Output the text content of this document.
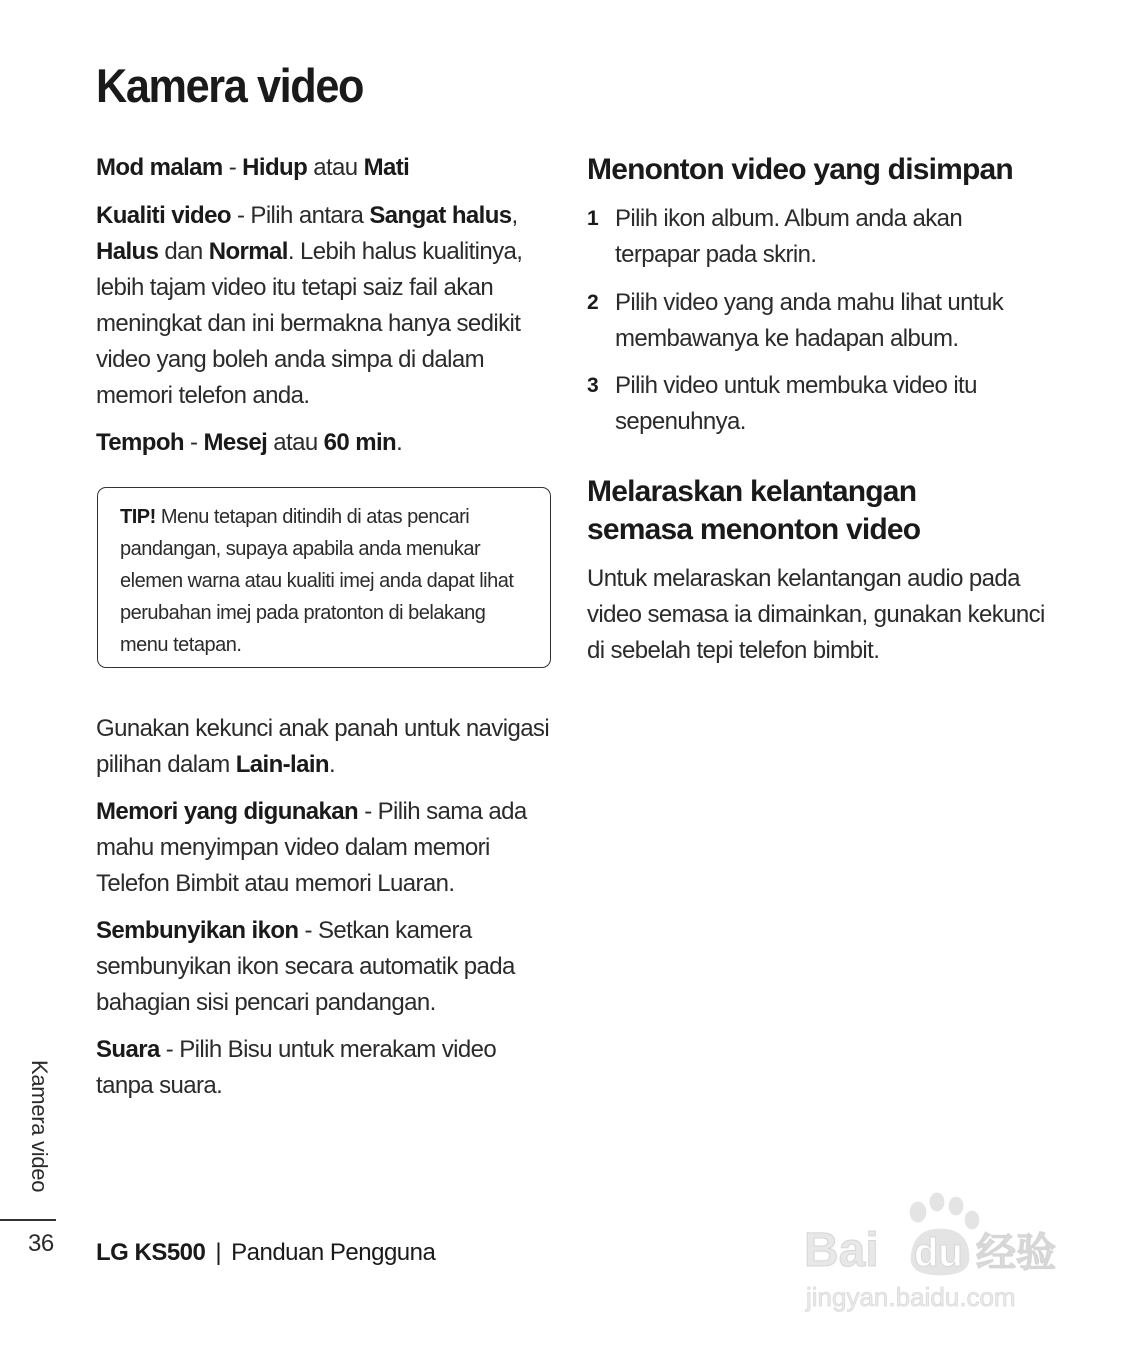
Kamera video

Mod malam - Hidup atau Mati

Kualiti video - Pilih antara Sangat halus,
Halus dan Normal. Lebih halus kualitinya, lebih tajam video itu tetapi saiz fail akan meningkat dan ini bermakna hanya sedikit video yang boleh anda simpa di dalam memori telefon anda.

Tempoh - Mesej atau 60 min.

Gunakan kekunci anak panah untuk navigasi pilihan dalam Lain-lain.

Memori yang digunakan - Pilih sama ada mahu menyimpan video dalam memori Telefon Bimbit atau memori Luaran.

Sembunyikan ikon - Setkan kamera sembunyikan ikon secara automatik pada bahagian sisi pencari pandangan.

Suara - Pilih Bisu untuk merakam video tanpa suara.

TIP! Menu tetapan ditindih di atas pencari pandangan, supaya apabila anda menukar elemen warna atau kualiti imej anda dapat lihat perubahan imej pada pratonton di belakang menu tetapan.
Menonton video yang disimpan
1 Pilih ikon album. Album anda akan terpapar pada skrin.
2 Pilih video yang anda mahu lihat untuk membawanya ke hadapan album.
3 Pilih video untuk membuka video itu sepenuhnya.
Melaraskan kelantangan semasa menonton video

Untuk melaraskan kelantangan audio pada video semasa ia dimainkan, gunakan kekunci di sebelah tepi telefon bimbit.

Kamera video
36 LG KS500 | Panduan Pengguna	Bai du 经验
jingyan.baidu.com
